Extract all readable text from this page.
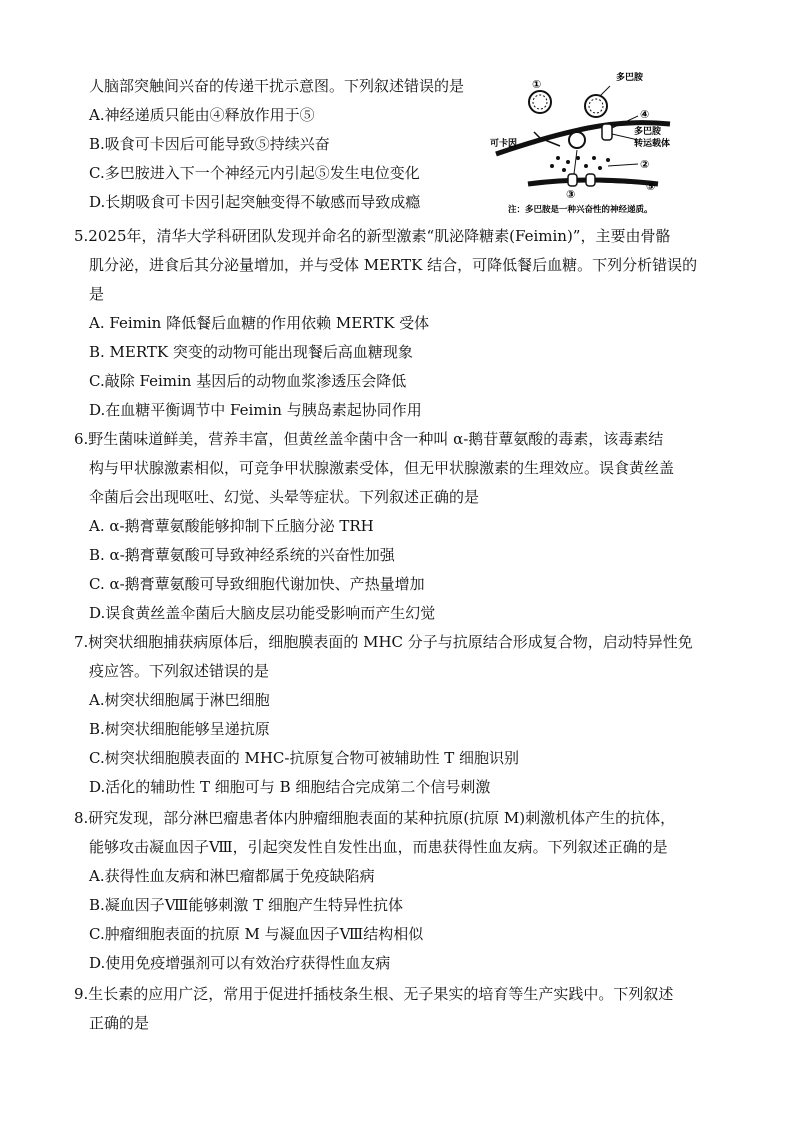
人脑部突触间兴奋的传递干扰示意图。下列叙述错误的是
A.神经递质只能由④释放作用于⑤
B.吸食可卡因后可能导致⑤持续兴奋
C.多巴胺进入下一个神经元内引起⑤发生电位变化
D.长期吸食可卡因引起突触变得不敏感而导致成瘾
多巴胺
①
④
多巴胺
转运载体
可卡因
②
③
⑤
注：多巴胺是一种兴奋性的神经递质。
5.2025年，清华大学科研团队发现并命名的新型激素“肌泌降糖素(Feimin)”，主要由骨骼
肌分泌，进食后其分泌量增加，并与受体 MERTK 结合，可降低餐后血糖。下列分析错误的
是
A. Feimin 降低餐后血糖的作用依赖 MERTK 受体
B. MERTK 突变的动物可能出现餐后高血糖现象
C.敲除 Feimin 基因后的动物血浆渗透压会降低
D.在血糖平衡调节中 Feimin 与胰岛素起协同作用
6.野生菌味道鲜美，营养丰富，但黄丝盖伞菌中含一种叫 α-鹅苷蕈氨酸的毒素，该毒素结
构与甲状腺激素相似，可竞争甲状腺激素受体，但无甲状腺激素的生理效应。误食黄丝盖
伞菌后会出现呕吐、幻觉、头晕等症状。下列叙述正确的是
A. α-鹅膏蕈氨酸能够抑制下丘脑分泌 TRH
B. α-鹅膏蕈氨酸可导致神经系统的兴奋性加强
C. α-鹅膏蕈氨酸可导致细胞代谢加快、产热量增加
D.误食黄丝盖伞菌后大脑皮层功能受影响而产生幻觉
7.树突状细胞捕获病原体后，细胞膜表面的 MHC 分子与抗原结合形成复合物，启动特异性免
疫应答。下列叙述错误的是
A.树突状细胞属于淋巴细胞
B.树突状细胞能够呈递抗原
C.树突状细胞膜表面的 MHC-抗原复合物可被辅助性 T 细胞识别
D.活化的辅助性 T 细胞可与 B 细胞结合完成第二个信号刺激
8.研究发现，部分淋巴瘤患者体内肿瘤细胞表面的某种抗原(抗原 M)刺激机体产生的抗体，
能够攻击凝血因子Ⅷ，引起突发性自发性出血，而患获得性血友病。下列叙述正确的是
A.获得性血友病和淋巴瘤都属于免疫缺陷病
B.凝血因子Ⅷ能够刺激 T 细胞产生特异性抗体
C.肿瘤细胞表面的抗原 M 与凝血因子Ⅷ结构相似
D.使用免疫增强剂可以有效治疗获得性血友病
9.生长素的应用广泛，常用于促进扦插枝条生根、无子果实的培育等生产实践中。下列叙述
正确的是
